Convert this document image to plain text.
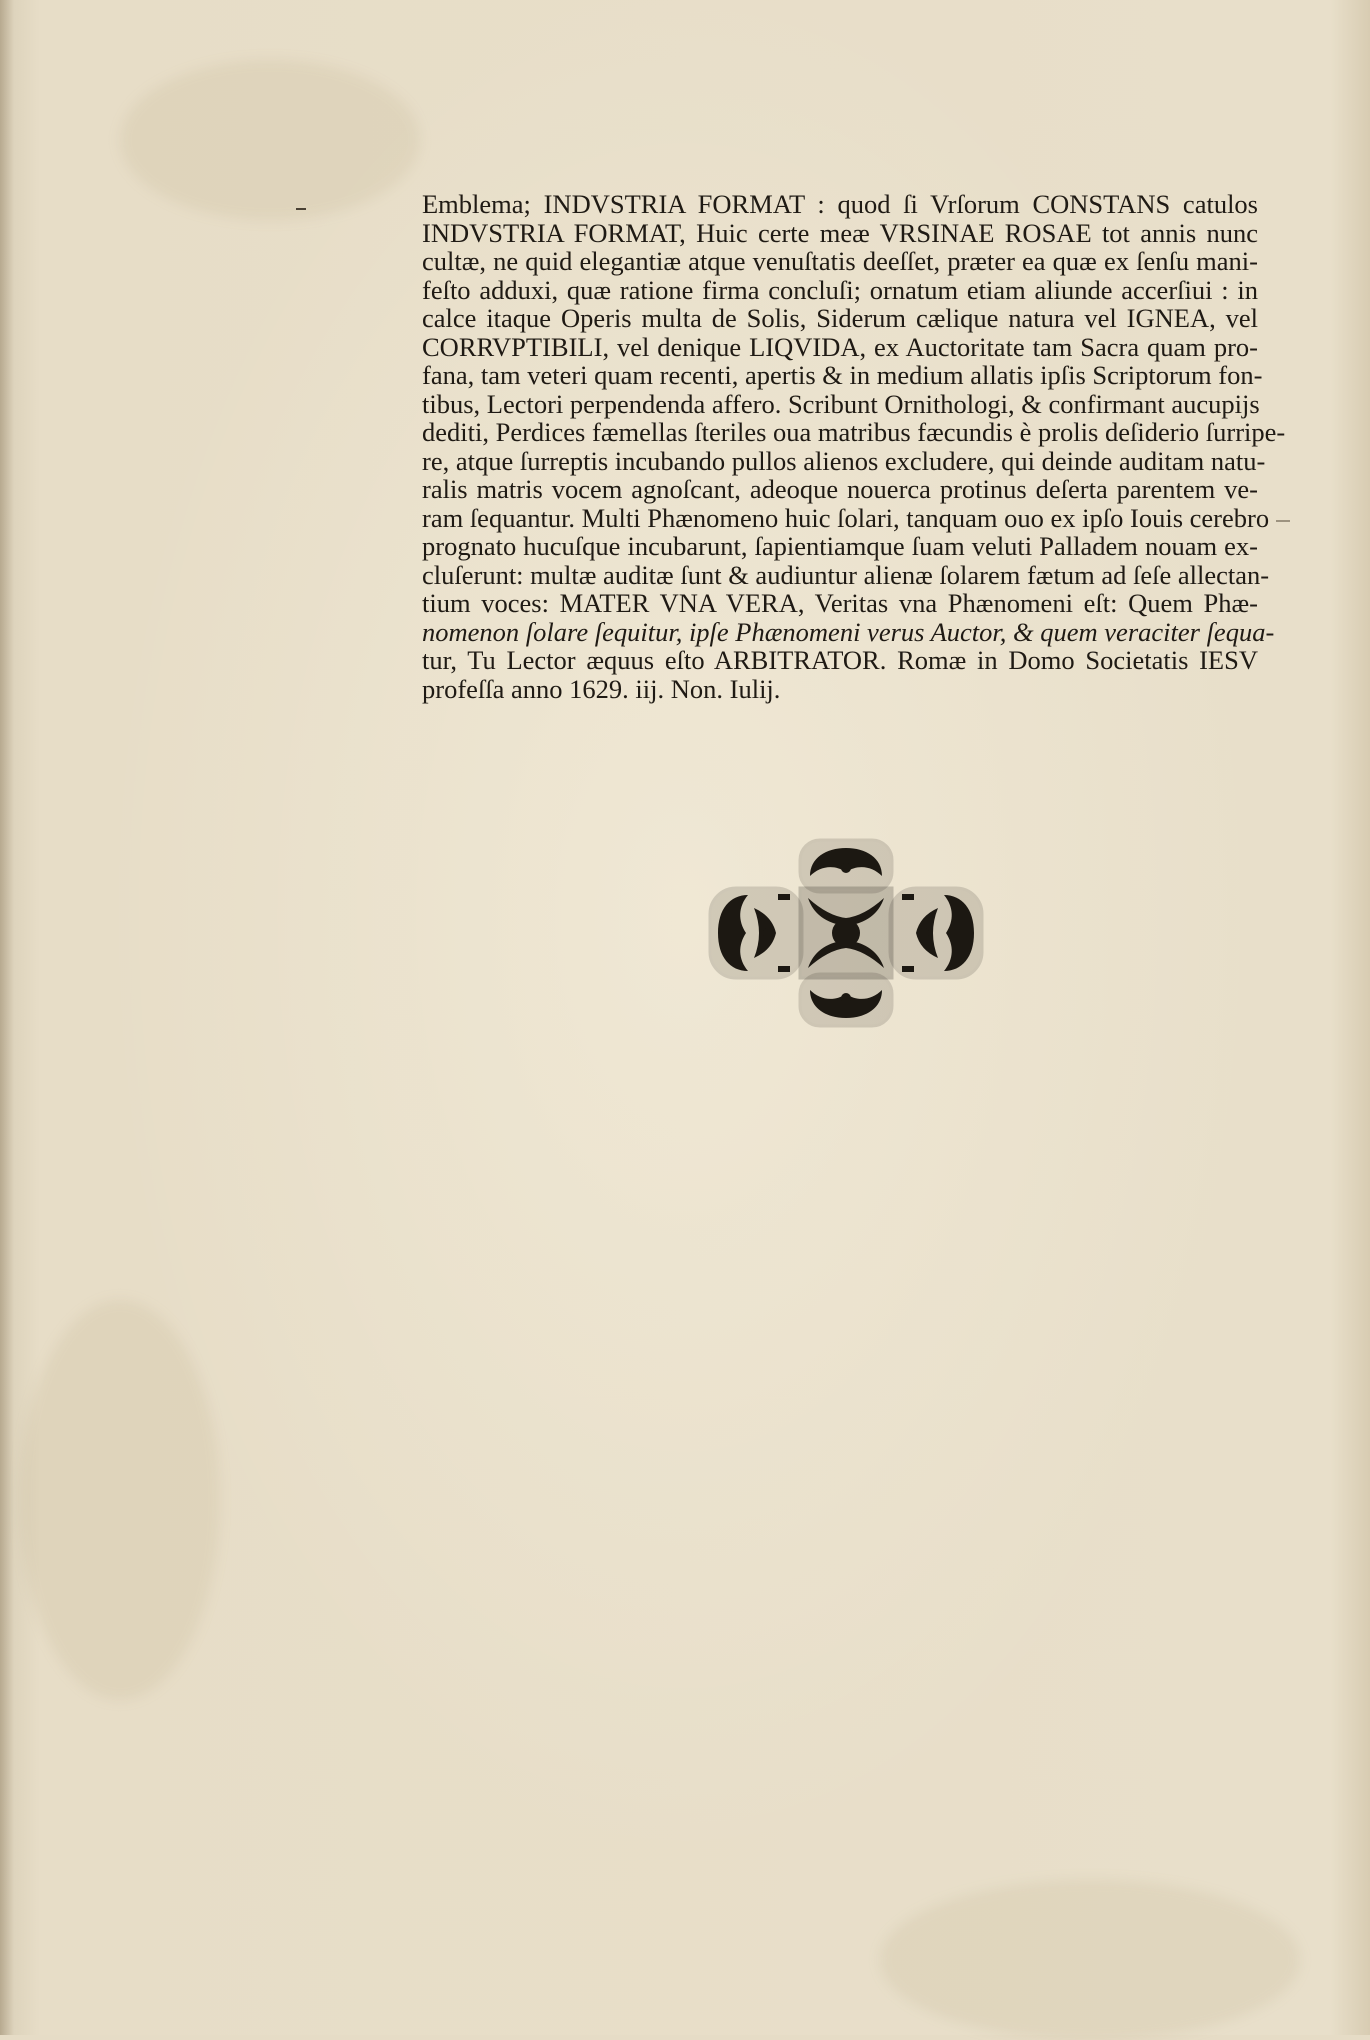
Emblema; INDVSTRIA FORMAT : quod ſi Vrſorum CONSTANS catulos
INDVSTRIA FORMAT, Huic certe meæ VRSINAE ROSAE tot annis nunc
cultæ, ne quid elegantiæ atque venuſtatis deeſſet, præter ea quæ ex ſenſu mani-
feſto adduxi, quæ ratione firma concluſi; ornatum etiam aliunde accerſiui : in
calce itaque Operis multa de Solis, Siderum cælique natura vel IGNEA, vel
CORRVPTIBILI, vel denique LIQVIDA, ex Auctoritate tam Sacra quam pro-
fana, tam veteri quam recenti, apertis & in medium allatis ipſis Scriptorum fon-
tibus, Lectori perpendenda affero. Scribunt Ornithologi, & confirmant aucupijs
dediti, Perdices fæmellas ſteriles oua matribus fæcundis è prolis deſiderio ſurripe-
re, atque ſurreptis incubando pullos alienos excludere, qui deinde auditam natu-
ralis matris vocem agnoſcant, adeoque nouerca protinus deſerta parentem ve-
ram ſequantur. Multi Phænomeno huic ſolari, tanquam ouo ex ipſo Iouis cerebro
prognato hucuſque incubarunt, ſapientiamque ſuam veluti Palladem nouam ex-
cluſerunt: multæ auditæ ſunt & audiuntur alienæ ſolarem fætum ad ſeſe allectan-
tium voces: MATER VNA VERA, Veritas vna Phænomeni eſt: Quem Phæ-
nomenon ſolare ſequitur, ipſe Phænomeni verus Auctor, & quem veraciter ſequa-
tur, Tu Lector æquus eſto ARBITRATOR. Romæ in Domo Societatis IESV
profeſſa anno 1629. iij. Non. Iulij.
